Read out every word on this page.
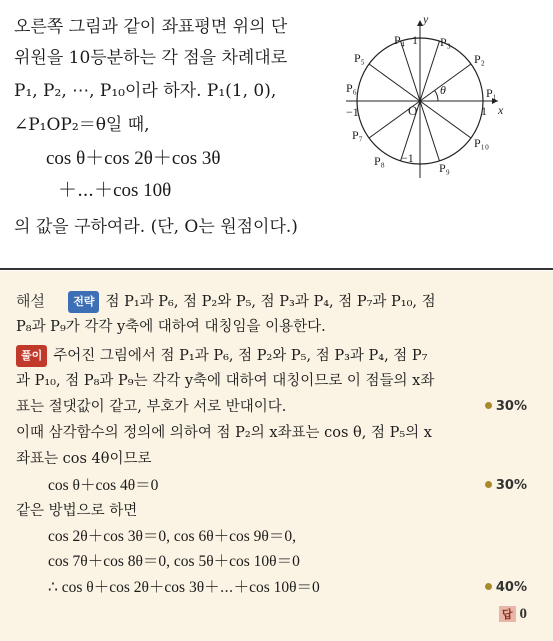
오른쪽 그림과 같이 좌표평면 위의 단
위원을 10등분하는 각 점을 차례대로
P₁, P₂, ⋯, P₁₀이라 하자. P₁(1, 0),
∠P₁OP₂＝θ일 때,
cos θ＋cos 2θ＋cos 3θ
＋⋯＋cos 10θ
의 값을 구하여라. (단, O는 원점이다.)
θ
O
y
x
1
−1
1
−1
P₁
P₂
P₃
P₄
P₅
P₆
P₇
P₈	P₉
P₁₀
해설	전략 점 P₁과 P₆, 점 P₂와 P₅, 점 P₃과 P₄, 점 P₇과 P₁₀, 점
P₈과 P₉가 각각 y축에 대하여 대칭임을 이용한다.
풀이 주어진 그림에서 점 P₁과 P₆, 점 P₂와 P₅, 점 P₃과 P₄, 점 P₇
과 P₁₀, 점 P₈과 P₉는 각각 y축에 대하여 대칭이므로 이 점들의 x좌
표는 절댓값이 같고, 부호가 서로 반대이다.	30%
이때 삼각함수의 정의에 의하여 점 P₂의 x좌표는 cos θ, 점 P₅의 x
좌표는 cos 4θ이므로
cos θ＋cos 4θ＝0	30%
같은 방법으로 하면
cos 2θ＋cos 3θ＝0, cos 6θ＋cos 9θ＝0,
cos 7θ＋cos 8θ＝0, cos 5θ＋cos 10θ＝0
∴ cos θ＋cos 2θ＋cos 3θ＋⋯＋cos 10θ＝0	40%
답 0
